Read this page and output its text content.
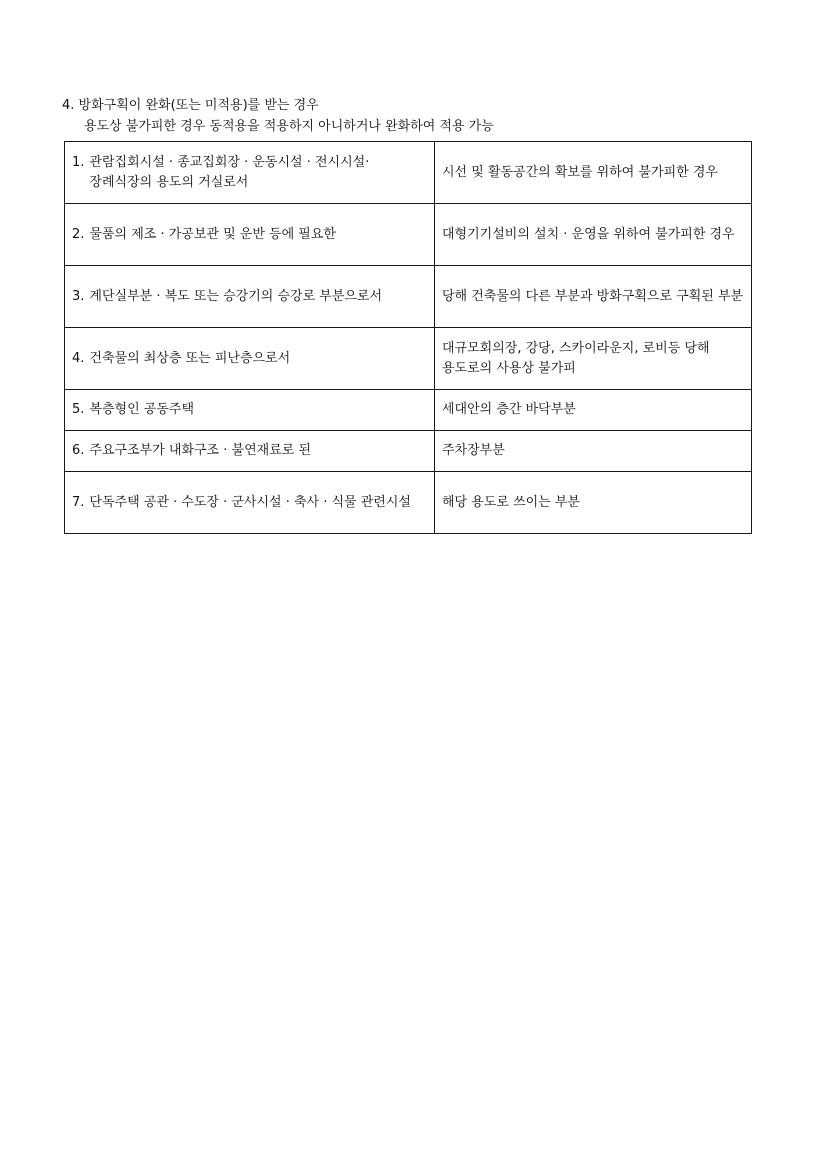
4. 방화구획이 완화(또는 미적용)를 받는 경우
용도상 불가피한 경우 동적용을 적용하지 아니하거나 완화하여 적용 가능
1. 관람집회시설 · 종교집회장 · 운동시설 · 전시시설·장례식장의 용도의 거실로서	시선 및 활동공간의 확보를 위하여 불가피한 경우

2. 물품의 제조 · 가공보관 및 운반 등에 필요한	대형기기설비의 설치 · 운영을 위하여 불가피한 경우

3. 계단실부분 · 복도 또는 승강기의 승강로 부분으로서	당해 건축물의 다른 부분과 방화구획으로 구획된 부분

4. 건축물의 최상층 또는 피난층으로서	대규모회의장, 강당, 스카이라운지, 로비등 당해 용도로의 사용상 불가피

5. 복층형인 공동주택	세대안의 층간 바닥부분

6. 주요구조부가 내화구조 · 불연재료로 된	주차장부분

7. 단독주택 공관 · 수도장 · 군사시설 · 축사 · 식물 관련시설	해당 용도로 쓰이는 부분
